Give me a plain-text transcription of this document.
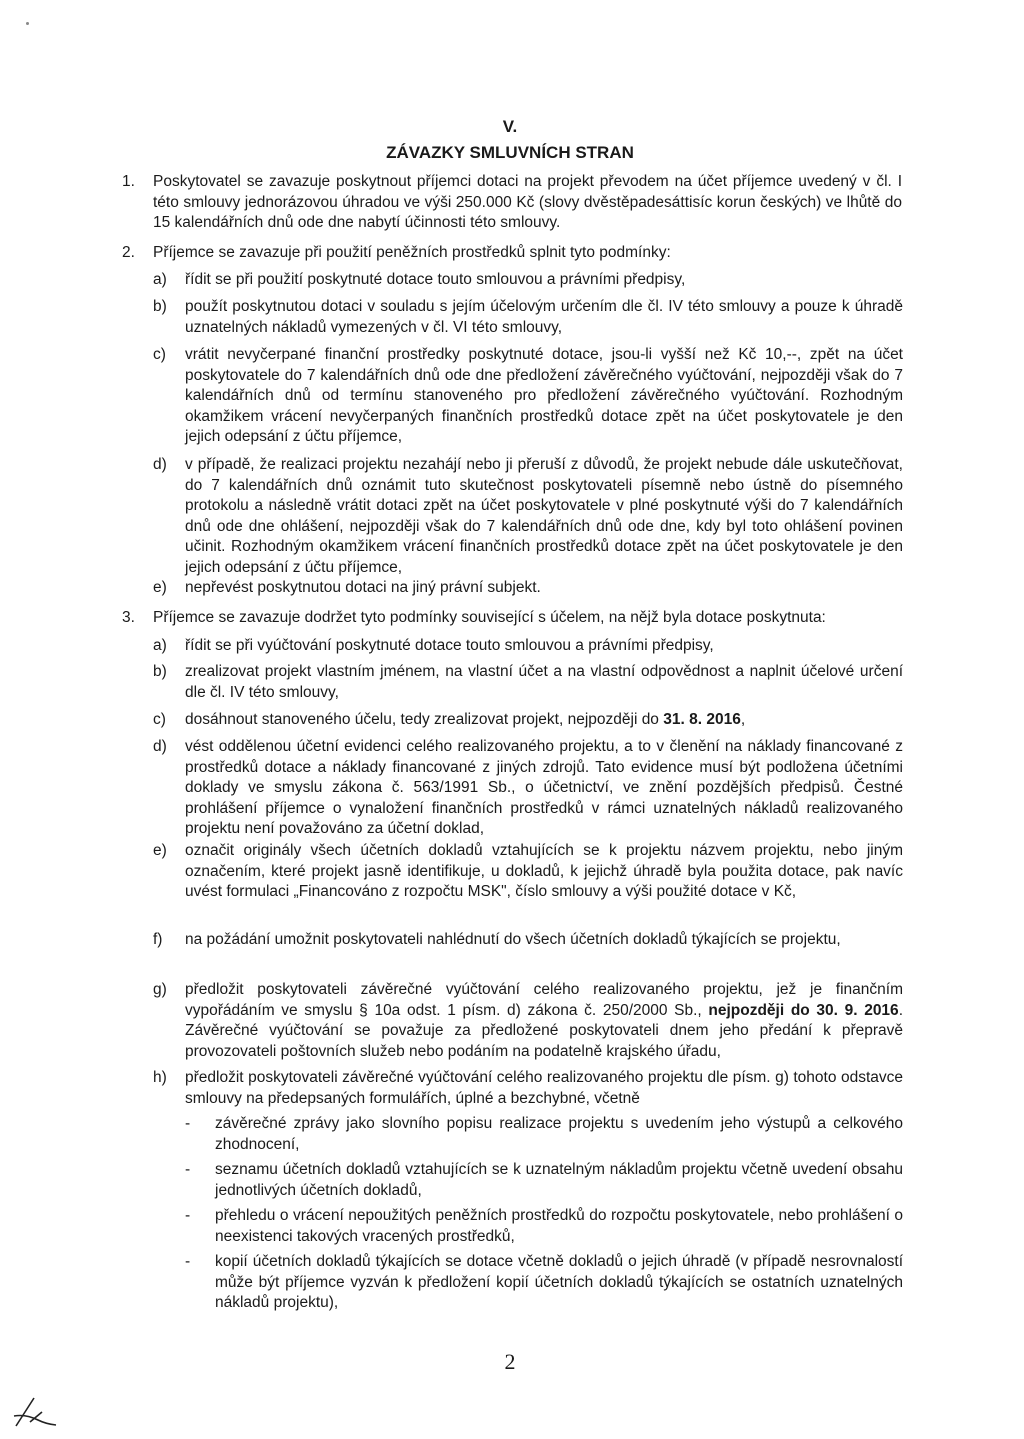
V.
ZÁVAZKY SMLUVNÍCH STRAN
1. Poskytovatel se zavazuje poskytnout příjemci dotaci na projekt převodem na účet příjemce uvedený v čl. I této smlouvy jednorázovou úhradou ve výši 250.000 Kč (slovy dvěstěpadesáttisíc korun českých) ve lhůtě do 15 kalendářních dnů ode dne nabytí účinnosti této smlouvy.
2. Příjemce se zavazuje při použití peněžních prostředků splnit tyto podmínky:
a) řídit se při použití poskytnuté dotace touto smlouvou a právními předpisy,
b) použít poskytnutou dotaci v souladu s jejím účelovým určením dle čl. IV této smlouvy a pouze k úhradě uznatelných nákladů vymezených v čl. VI této smlouvy,
c) vrátit nevyčerpané finanční prostředky poskytnuté dotace, jsou-li vyšší než Kč 10,--, zpět na účet poskytovatele do 7 kalendářních dnů ode dne předložení závěrečného vyúčtování, nejpozději však do 7 kalendářních dnů od termínu stanoveného pro předložení závěrečného vyúčtování. Rozhodným okamžikem vrácení nevyčerpaných finančních prostředků dotace zpět na účet poskytovatele je den jejich odepsání z účtu příjemce,
d) v případě, že realizaci projektu nezahájí nebo ji přeruší z důvodů, že projekt nebude dále uskutečňovat, do 7 kalendářních dnů oznámit tuto skutečnost poskytovateli písemně nebo ústně do písemného protokolu a následně vrátit dotaci zpět na účet poskytovatele v plné poskytnuté výši do 7 kalendářních dnů ode dne ohlášení, nejpozději však do 7 kalendářních dnů ode dne, kdy byl toto ohlášení povinen učinit. Rozhodným okamžikem vrácení finančních prostředků dotace zpět na účet poskytovatele je den jejich odepsání z účtu příjemce,
e) nepřevést poskytnutou dotaci na jiný právní subjekt.
3. Příjemce se zavazuje dodržet tyto podmínky související s účelem, na nějž byla dotace poskytnuta:
a) řídit se při vyúčtování poskytnuté dotace touto smlouvou a právními předpisy,
b) zrealizovat projekt vlastním jménem, na vlastní účet a na vlastní odpovědnost a naplnit účelové určení dle čl. IV této smlouvy,
c) dosáhnout stanoveného účelu, tedy zrealizovat projekt, nejpozději do 31. 8. 2016,
d) vést oddělenou účetní evidenci celého realizovaného projektu, a to v členění na náklady financované z prostředků dotace a náklady financované z jiných zdrojů. Tato evidence musí být podložena účetními doklady ve smyslu zákona č. 563/1991 Sb., o účetnictví, ve znění pozdějších předpisů. Čestné prohlášení příjemce o vynaložení finančních prostředků v rámci uznatelných nákladů realizovaného projektu není považováno za účetní doklad,
e) označit originály všech účetních dokladů vztahujících se k projektu názvem projektu, nebo jiným označením, které projekt jasně identifikuje, u dokladů, k jejichž úhradě byla použita dotace, pak navíc uvést formulaci „Financováno z rozpočtu MSK", číslo smlouvy a výši použité dotace v Kč,
f) na požádání umožnit poskytovateli nahlédnutí do všech účetních dokladů týkajících se projektu,
g) předložit poskytovateli závěrečné vyúčtování celého realizovaného projektu, jež je finančním vypořádáním ve smyslu § 10a odst. 1 písm. d) zákona č. 250/2000 Sb., nejpozději do 30. 9. 2016. Závěrečné vyúčtování se považuje za předložené poskytovateli dnem jeho předání k přepravě provozovateli poštovních služeb nebo podáním na podatelně krajského úřadu,
h) předložit poskytovateli závěrečné vyúčtování celého realizovaného projektu dle písm. g) tohoto odstavce smlouvy na předepsaných formulářích, úplné a bezchybné, včetně
- závěrečné zprávy jako slovního popisu realizace projektu s uvedením jeho výstupů a celkového zhodnocení,
- seznamu účetních dokladů vztahujících se k uznatelným nákladům projektu včetně uvedení obsahu jednotlivých účetních dokladů,
- přehledu o vrácení nepoužitých peněžních prostředků do rozpočtu poskytovatele, nebo prohlášení o neexistenci takových vracených prostředků,
- kopií účetních dokladů týkajících se dotace včetně dokladů o jejich úhradě (v případě nesrovnalostí může být příjemce vyzván k předložení kopií účetních dokladů týkajících se ostatních uznatelných nákladů projektu),
2
